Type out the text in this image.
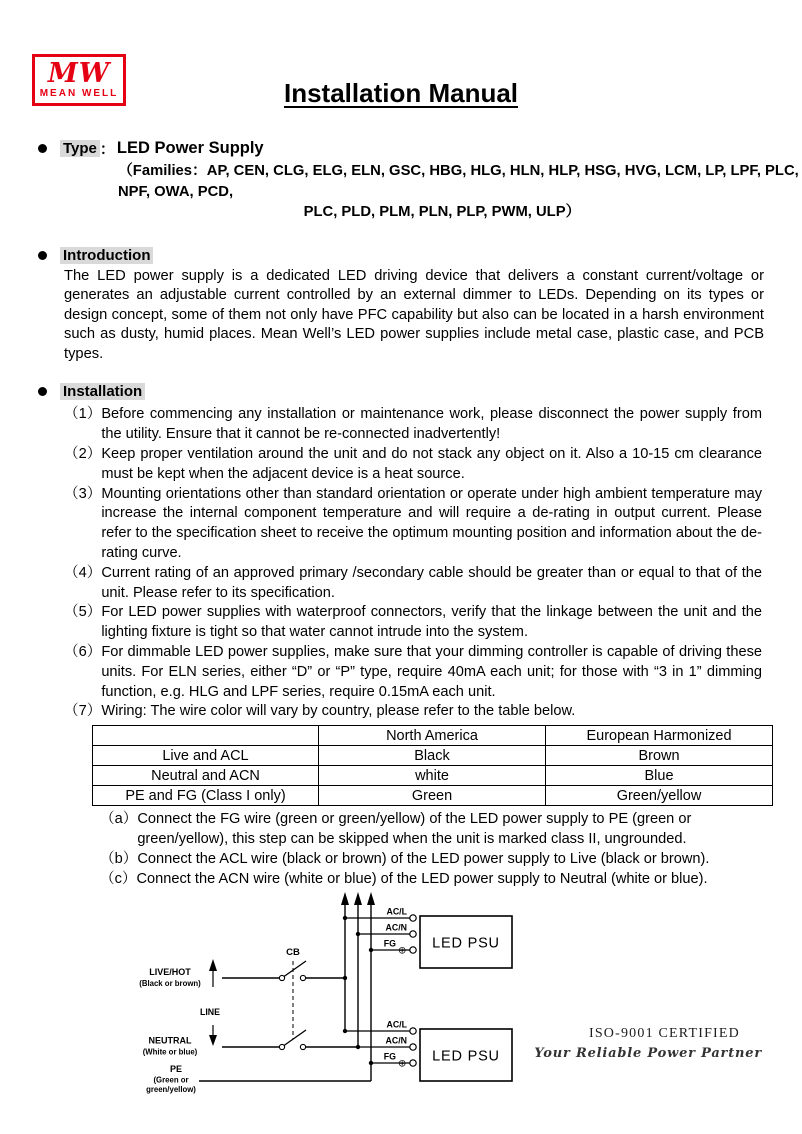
MW
MEAN WELL	Installation Manual
Type ： LED Power Supply
（Families：AP, CEN, CLG, ELG, ELN, GSC, HBG, HLG, HLN, HLP, HSG, HVG, LCM, LP, LPF, PLC, NPF, OWA, PCD,
PLC, PLD, PLM, PLN, PLP, PWM, ULP）
Introduction

The LED power supply is a dedicated LED driving device that delivers a constant current/voltage or generates an adjustable current controlled by an external dimmer to LEDs. Depending on its types or design concept, some of them not only have PFC capability but also can be located in a harsh environment such as dusty, humid places. Mean Well’s LED power supplies include metal case, plastic case, and PCB types.

Installation
（1） Before commencing any installation or maintenance work, please disconnect the power supply from the utility. Ensure that it cannot be re-connected inadvertently!
（2） Keep proper ventilation around the unit and do not stack any object on it. Also a 10-15 cm clearance must be kept when the adjacent device is a heat source.
（3） Mounting orientations other than standard orientation or operate under high ambient temperature may increase the internal component temperature and will require a de-rating in output current. Please refer to the specification sheet to receive the optimum mounting position and information about the de-rating curve.
（4） Current rating of an approved primary /secondary cable should be greater than or equal to that of the unit. Please refer to its specification.
（5） For LED power supplies with waterproof connectors, verify that the linkage between the unit and the lighting fixture is tight so that water cannot intrude into the system.
（6） For dimmable LED power supplies, make sure that your dimming controller is capable of driving these units. For ELN series, either “D” or “P” type, require 40mA each unit; for those with “3 in 1” dimming function, e.g. HLG and LPF series, require 0.15mA each unit.
（7） Wiring: The wire color will vary by country, please refer to the table below.
	North America	European Harmonized
Live and ACL	Black	Brown
Neutral and ACN	white	Blue
PE and FG (Class I only)	Green	Green/yellow
（a） Connect the FG wire (green or green/yellow) of the LED power supply to PE (green or green/yellow), this step can be skipped when the unit is marked class II, ungrounded.
（b） Connect the ACL wire (black or brown) of the LED power supply to Live (black or brown).
（c） Connect the ACN wire (white or blue) of the LED power supply to Neutral (white or blue).
CB
LINE
LIVE/HOT
(Black or brown)
NEUTRAL
(White or blue)
PE
(Green or
green/yellow)
LED PSU
AC/L
AC/N
FG
⊕
LED PSU
AC/L
AC/N
FG
⊕
ISO-9001 CERTIFIED
Your Reliable Power Partner
